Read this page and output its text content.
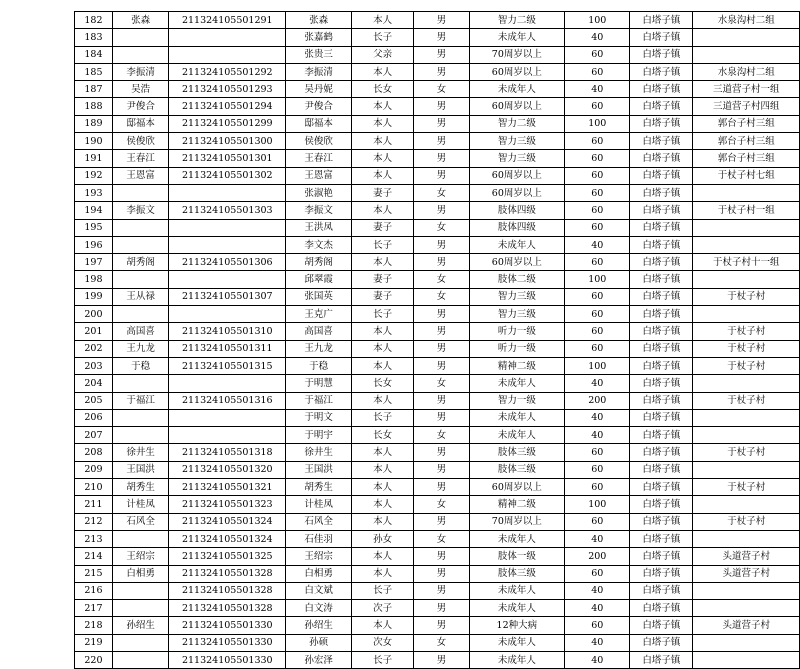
182	张森	211324105501291	张森	本人	男	智力二级	100	白塔子镇	水泉沟村二组
183			张嘉鹤	长子	男	未成年人	40	白塔子镇	
184			张贵三	父亲	男	70周岁以上	60	白塔子镇	
185	李振清	211324105501292	李振清	本人	男	60周岁以上	60	白塔子镇	水泉沟村二组
187	吴浩	211324105501293	吴丹妮	长女	女	未成年人	40	白塔子镇	三道营子村一组
188	尹俊合	211324105501294	尹俊合	本人	男	60周岁以上	60	白塔子镇	三道营子村四组
189	邸福本	211324105501299	邸福本	本人	男	智力二级	100	白塔子镇	郭台子村三组
190	侯俊欣	211324105501300	侯俊欣	本人	男	智力三级	60	白塔子镇	郭台子村三组
191	王春江	211324105501301	王春江	本人	男	智力三级	60	白塔子镇	郭台子村三组
192	王恩富	211324105501302	王恩富	本人	男	60周岁以上	60	白塔子镇	于杖子村七组
193			张淑艳	妻子	女	60周岁以上	60	白塔子镇	
194	李振文	211324105501303	李振文	本人	男	肢体四级	60	白塔子镇	于杖子村一组
195			王洪凤	妻子	女	肢体四级	60	白塔子镇	
196			李文杰	长子	男	未成年人	40	白塔子镇	
197	胡秀阁	211324105501306	胡秀阁	本人	男	60周岁以上	60	白塔子镇	于杖子村十一组
198			邱翠霞	妻子	女	肢体二级	100	白塔子镇	
199	王从禄	211324105501307	张国英	妻子	女	智力三级	60	白塔子镇	于杖子村
200			王克广	长子	男	智力三级	60	白塔子镇	
201	高国喜	211324105501310	高国喜	本人	男	听力一级	60	白塔子镇	于杖子村
202	王九龙	211324105501311	王九龙	本人	男	听力一级	60	白塔子镇	于杖子村
203	于稳	211324105501315	于稳	本人	男	精神二级	100	白塔子镇	于杖子村
204			于明慧	长女	女	未成年人	40	白塔子镇	
205	于福江	211324105501316	于福江	本人	男	智力一级	200	白塔子镇	于杖子村
206			于明文	长子	男	未成年人	40	白塔子镇	
207			于明宇	长女	女	未成年人	40	白塔子镇	
208	徐井生	211324105501318	徐井生	本人	男	肢体三级	60	白塔子镇	于杖子村
209	王国洪	211324105501320	王国洪	本人	男	肢体三级	60	白塔子镇	
210	胡秀生	211324105501321	胡秀生	本人	男	60周岁以上	60	白塔子镇	于杖子村
211	计桂凤	211324105501323	计桂凤	本人	女	精神二级	100	白塔子镇	
212	石风全	211324105501324	石风全	本人	男	70周岁以上	60	白塔子镇	于杖子村
213		211324105501324	石佳羽	孙女	女	未成年人	40	白塔子镇	
214	王绍宗	211324105501325	王绍宗	本人	男	肢体一级	200	白塔子镇	头道营子村
215	白相勇	211324105501328	白相勇	本人	男	肢体三级	60	白塔子镇	头道营子村
216		211324105501328	白文斌	长子	男	未成年人	40	白塔子镇	
217		211324105501328	白文涛	次子	男	未成年人	40	白塔子镇	
218	孙绍生	211324105501330	孙绍生	本人	男	12种大病	60	白塔子镇	头道营子村
219		211324105501330	孙硕	次女	女	未成年人	40	白塔子镇	
220		211324105501330	孙宏泽	长子	男	未成年人	40	白塔子镇	
